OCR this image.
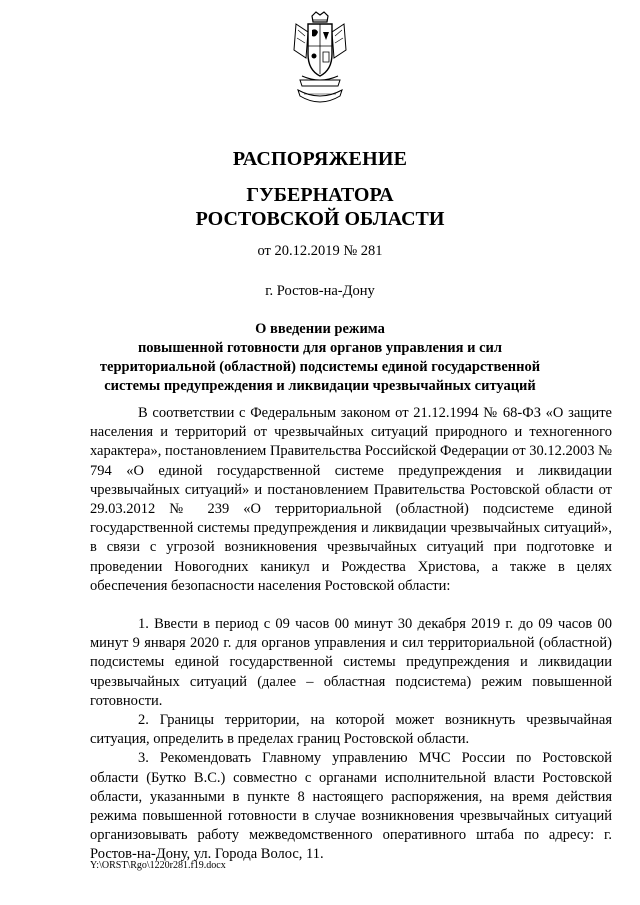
РАСПОРЯЖЕНИЕ
ГУБЕРНАТОРА
РОСТОВСКОЙ ОБЛАСТИ
от 20.12.2019 № 281
г. Ростов-на-Дону
О введении режима
повышенной готовности для органов управления и сил
территориальной (областной) подсистемы единой государственной
системы предупреждения и ликвидации чрезвычайных ситуаций

В соответствии с Федеральным законом от 21.12.1994 № 68-ФЗ «О защите населения и территорий от чрезвычайных ситуаций природного и техногенного характера», постановлением Правительства Российской Федерации от 30.12.2003 № 794 «О единой государственной системе предупреждения и ликвидации чрезвычайных ситуаций» и постановлением Правительства Ростовской области от 29.03.2012 № 239 «О территориальной (областной) подсистеме единой государственной системы предупреждения и ликвидации чрезвычайных ситуаций», в связи с угрозой возникновения чрезвычайных ситуаций при подготовке и проведении Новогодних каникул и Рождества Христова, а также в целях обеспечения безопасности населения Ростовской области:

1. Ввести в период с 09 часов 00 минут 30 декабря 2019 г. до 09 часов 00 минут 9 января 2020 г. для органов управления и сил территориальной (областной) подсистемы единой государственной системы предупреждения и ликвидации чрезвычайных ситуаций (далее – областная подсистема) режим повышенной готовности.

2. Границы территории, на которой может возникнуть чрезвычайная ситуация, определить в пределах границ Ростовской области.

3. Рекомендовать Главному управлению МЧС России по Ростовской области (Бутко В.С.) совместно с органами исполнительной власти Ростовской области, указанными в пункте 8 настоящего распоряжения, на время действия режима повышенной готовности в случае возникновения чрезвычайных ситуаций организовывать работу межведомственного оперативного штаба по адресу: г. Ростов-на-Дону, ул. Города Волос, 11.

Y:\ORST\Rgo\1220r281.f19.docx
